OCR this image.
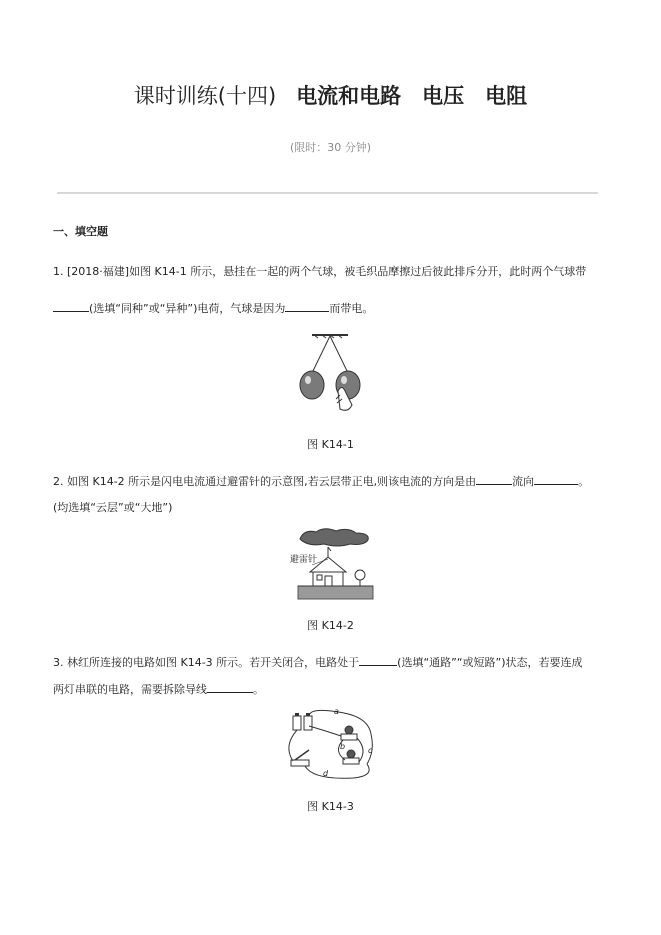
课时训练(十四) 电流和电路　电压　电阻
(限时：30 分钟)
一、填空题
1. [2018·福建]如图 K14-1 所示，悬挂在一起的两个气球，被毛织品摩擦过后彼此排斥分开，此时两个气球带
(选填“同种”或“异种”)电荷，气球是因为	而带电。
图 K14-1
2. 如图 K14-2 所示是闪电电流通过避雷针的示意图,若云层带正电,则该电流的方向是由	流向	。
(均选填“云层”或“大地”)
避雷针
图 K14-2
3. 林红所连接的电路如图 K14-3 所示。若开关闭合，电路处于	(选填“通路”“或短路”)状态，若要连成
两灯串联的电路，需要拆除导线	。
a
b	c
d
图 K14-3
